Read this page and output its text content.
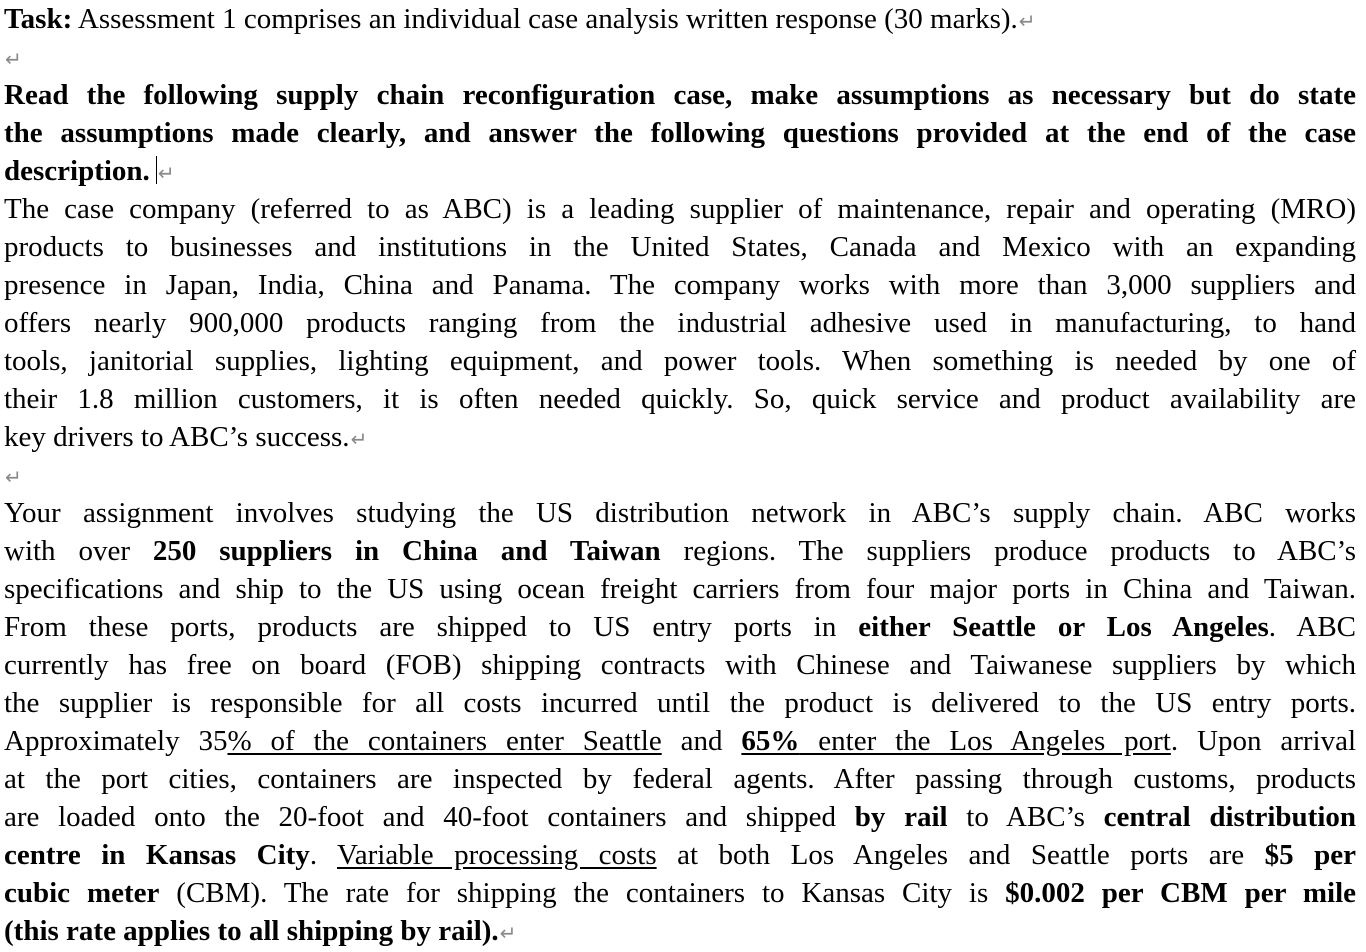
Task: Assessment 1 comprises an individual case analysis written response (30 marks).↵
↵
Read the following supply chain reconfiguration case, make assumptions as necessary but do state
the assumptions made clearly, and answer the following questions provided at the end of the case
description. ↵
The case company (referred to as ABC) is a leading supplier of maintenance, repair and operating (MRO)
products to businesses and institutions in the United States, Canada and Mexico with an expanding
presence in Japan, India, China and Panama. The company works with more than 3,000 suppliers and
offers nearly 900,000 products ranging from the industrial adhesive used in manufacturing, to hand
tools, janitorial supplies, lighting equipment, and power tools. When something is needed by one of
their 1.8 million customers, it is often needed quickly. So, quick service and product availability are
key drivers to ABC’s success.↵
↵
Your assignment involves studying the US distribution network in ABC’s supply chain. ABC works
with over 250 suppliers in China and Taiwan regions. The suppliers produce products to ABC’s
specifications and ship to the US using ocean freight carriers from four major ports in China and Taiwan.
From these ports, products are shipped to US entry ports in either Seattle or Los Angeles. ABC
currently has free on board (FOB) shipping contracts with Chinese and Taiwanese suppliers by which
the supplier is responsible for all costs incurred until the product is delivered to the US entry ports.
Approximately 35% of the containers enter Seattle and 65% enter the Los Angeles port. Upon arrival
at the port cities, containers are inspected by federal agents. After passing through customs, products
are loaded onto the 20-foot and 40-foot containers and shipped by rail to ABC’s central distribution
centre in Kansas City. Variable processing costs at both Los Angeles and Seattle ports are $5 per
cubic meter (CBM). The rate for shipping the containers to Kansas City is $0.002 per CBM per mile
(this rate applies to all shipping by rail).↵
